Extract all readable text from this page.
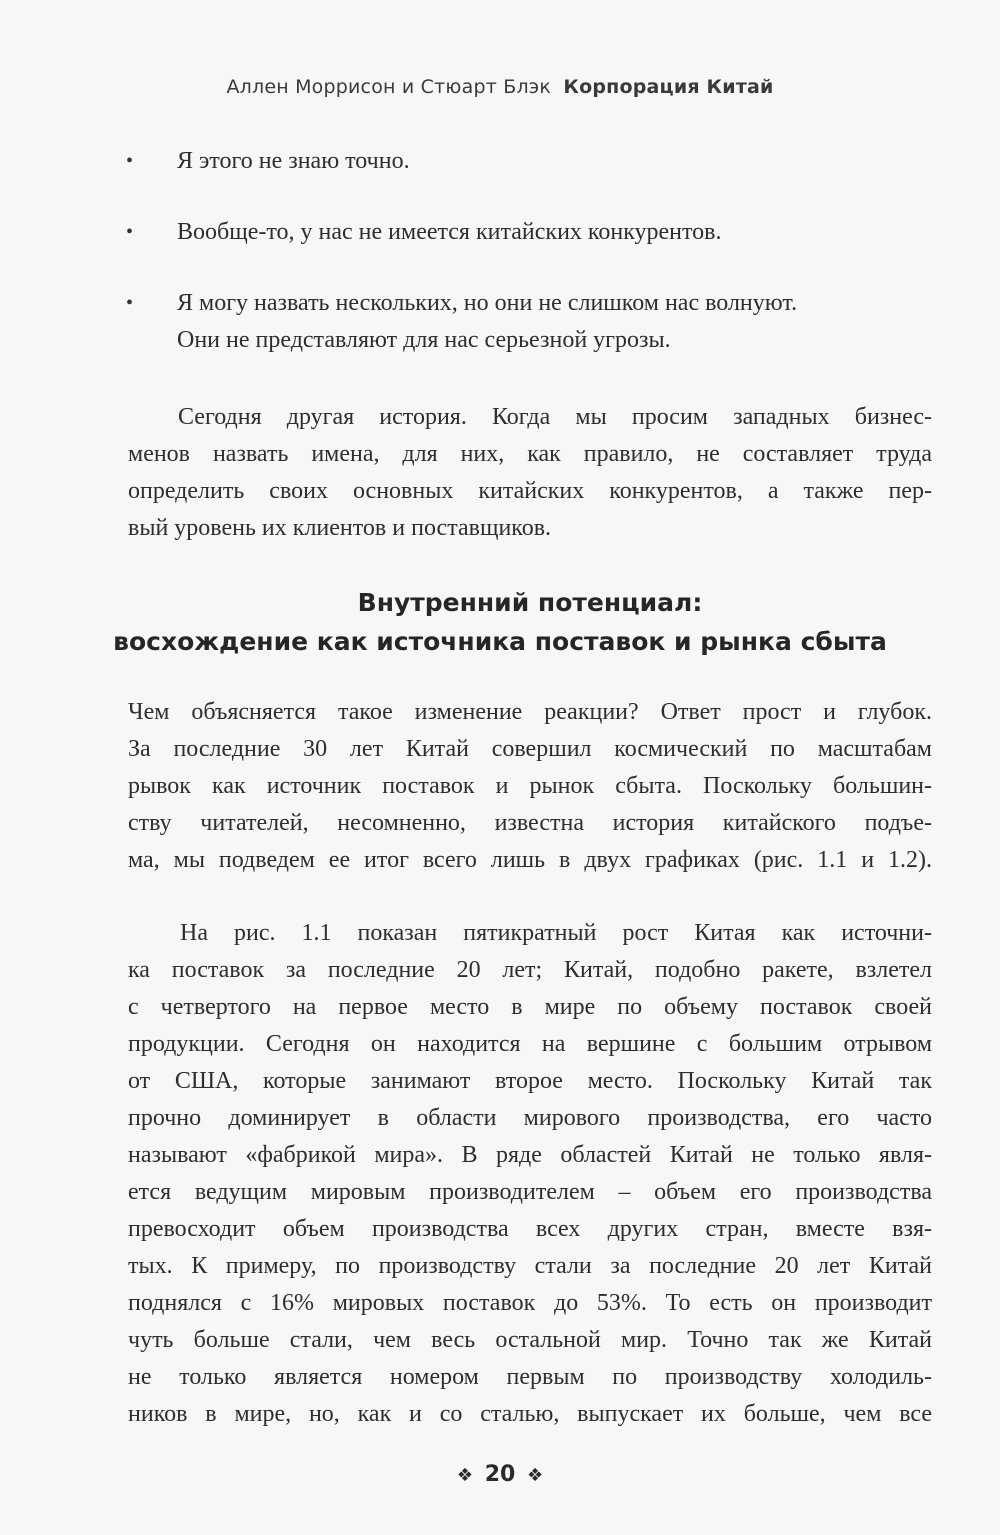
Аллен Моррисон и Стюарт Блэк Корпорация Китай
• Я этого не знаю точно.
• Вообще-то, у нас не имеется китайских конкурентов.
• Я могу назвать нескольких, но они не слишком нас волнуют.
Они не представляют для нас серьезной угрозы.

Сегодня другая история. Когда мы просим западных бизнес-
менов назвать имена, для них, как правило, не составляет труда
определить своих основных китайских конкурентов, а также пер-
вый уровень их клиентов и поставщиков.

Внутренний потенциал:
восхождение как источника поставок и рынка сбыта

Чем объясняется такое изменение реакции? Ответ прост и глубок.
За последние 30 лет Китай совершил космический по масштабам
рывок как источник поставок и рынок сбыта. Поскольку большин-
ству читателей, несомненно, известна история китайского подъе-
ма, мы подведем ее итог всего лишь в двух графиках (рис. 1.1 и 1.2).

На рис. 1.1 показан пятикратный рост Китая как источни-
ка поставок за последние 20 лет; Китай, подобно ракете, взлетел
с четвертого на первое место в мире по объему поставок своей
продукции. Сегодня он находится на вершине с большим отрывом
от США, которые занимают второе место. Поскольку Китай так
прочно доминирует в области мирового производства, его часто
называют «фабрикой мира». В ряде областей Китай не только явля-
ется ведущим мировым производителем – объем его производства
превосходит объем производства всех других стран, вместе взя-
тых. К примеру, по производству стали за последние 20 лет Китай
поднялся с 16% мировых поставок до 53%. То есть он производит
чуть больше стали, чем весь остальной мир. Точно так же Китай
не только является номером первым по производству холодиль-
ников в мире, но, как и со сталью, выпускает их больше, чем все

❖ 20 ❖
